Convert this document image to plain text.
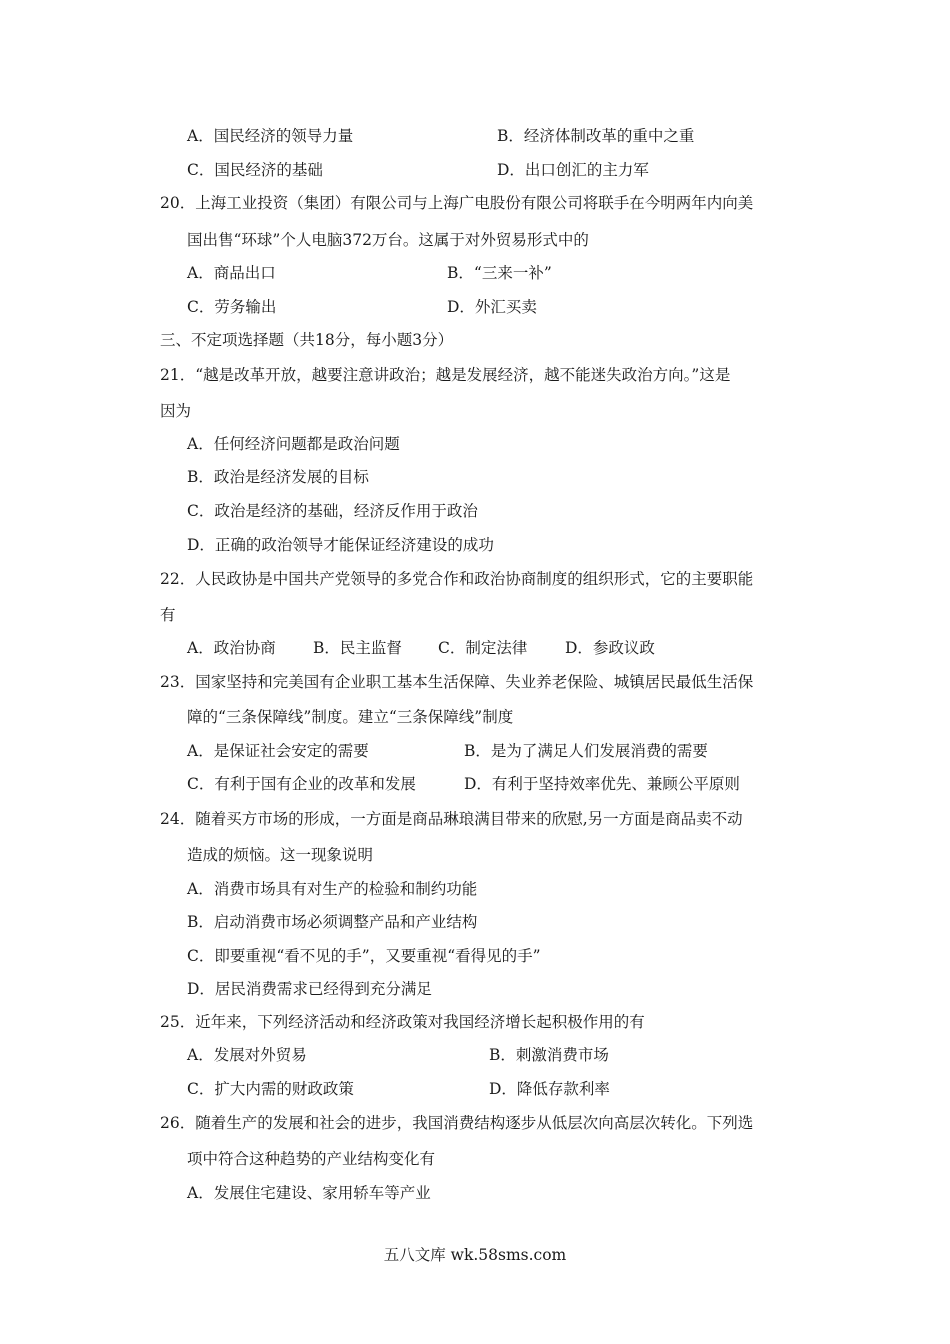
A．国民经济的领导力量	B．经济体制改革的重中之重
C．国民经济的基础	D．出口创汇的主力军
20．上海工业投资（集团）有限公司与上海广电股份有限公司将联手在今明两年内向美
国出售“环球”个人电脑372万台。这属于对外贸易形式中的
A．商品出口	B．“三来一补”
C．劳务输出	D．外汇买卖
三、不定项选择题（共18分，每小题3分）
21．“越是改革开放，越要注意讲政治；越是发展经济，越不能迷失政治方向。”这是
因为
A．任何经济问题都是政治问题
B．政治是经济发展的目标
C．政治是经济的基础，经济反作用于政治
D．正确的政治领导才能保证经济建设的成功
22．人民政协是中国共产党领导的多党合作和政治协商制度的组织形式，它的主要职能
有
A．政治协商 B．民主监督 C．制定法律 D．参政议政
23．国家坚持和完美国有企业职工基本生活保障、失业养老保险、城镇居民最低生活保
障的“三条保障线”制度。建立“三条保障线”制度
A．是保证社会安定的需要	B．是为了满足人们发展消费的需要
C．有利于国有企业的改革和发展	D．有利于坚持效率优先、兼顾公平原则
24．随着买方市场的形成，一方面是商品琳琅满目带来的欣慰,另一方面是商品卖不动
造成的烦恼。这一现象说明
A．消费市场具有对生产的检验和制约功能
B．启动消费市场必须调整产品和产业结构
C．即要重视“看不见的手”，又要重视“看得见的手”
D．居民消费需求已经得到充分满足
25．近年来，下列经济活动和经济政策对我国经济增长起积极作用的有
A．发展对外贸易	B．刺激消费市场
C．扩大内需的财政政策	D．降低存款利率
26．随着生产的发展和社会的进步，我国消费结构逐步从低层次向高层次转化。下列选
项中符合这种趋势的产业结构变化有
A．发展住宅建设、家用轿车等产业
五八文库 wk.58sms.com
